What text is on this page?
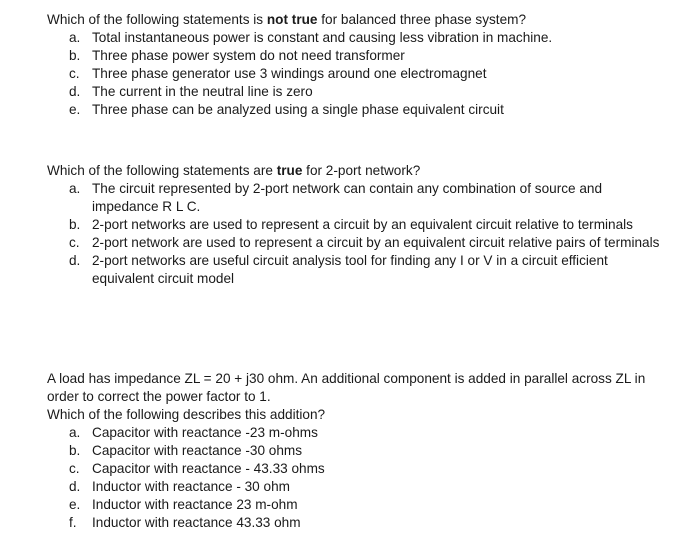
Which of the following statements is not true for balanced three phase system?

a. Total instantaneous power is constant and causing less vibration in machine.
b. Three phase power system do not need transformer
c. Three phase generator use 3 windings around one electromagnet
d. The current in the neutral line is zero
e. Three phase can be analyzed using a single phase equivalent circuit

Which of the following statements are true for 2-port network?

a. The circuit represented by 2-port network can contain any combination of source and impedance R L C.
b. 2-port networks are used to represent a circuit by an equivalent circuit relative to terminals
c. 2-port network are used to represent a circuit by an equivalent circuit relative pairs of terminals
d. 2-port networks are useful circuit analysis tool for finding any I or V in a circuit efficient equivalent circuit model

A load has impedance ZL = 20 + j30 ohm. An additional component is added in parallel across ZL in order to correct the power factor to 1.

Which of the following describes this addition?

a. Capacitor with reactance -23 m-ohms
b. Capacitor with reactance -30 ohms
c. Capacitor with reactance - 43.33 ohms
d. Inductor with reactance - 30 ohm
e. Inductor with reactance 23 m-ohm
f. Inductor with reactance 43.33 ohm
